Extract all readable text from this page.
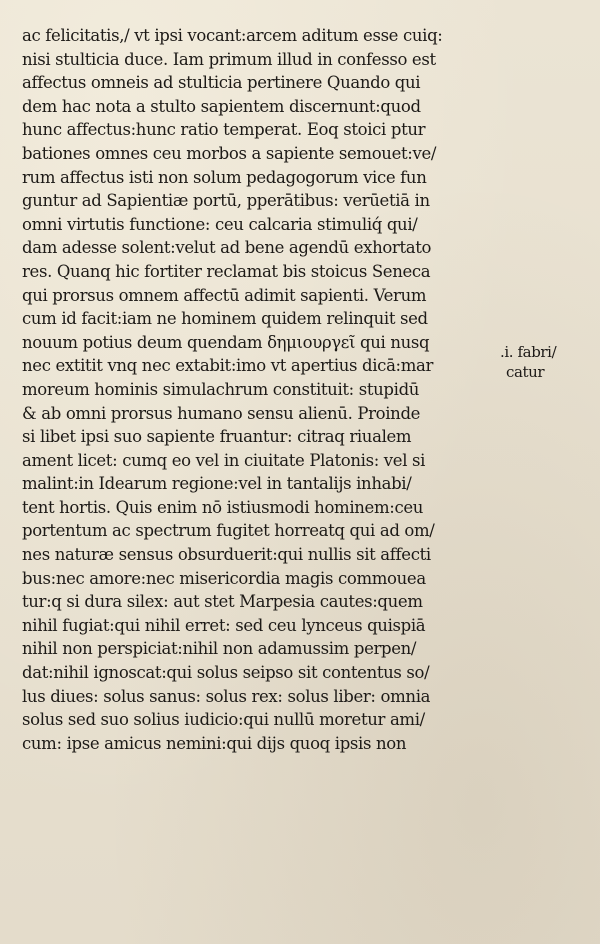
ac felicitatis,/ vt ipsi vocant:arcem aditum esse cuiq:
nisi stulticia duce. Iam primum illud in confesso est
affectus omneis ad stulticia pertinere Quando qui
dem hac nota a stulto sapientem discernunt:quod
hunc affectus:hunc ratio temperat. Eoq stoici ptur
bationes omnes ceu morbos a sapiente semouet:ve/
rum affectus isti non solum pedagogorum vice fun
guntur ad Sapientiæ portū, pperātibus: verūetiā in
omni virtutis functione: ceu calcaria stimuliq́ qui/
dam adesse solent:velut ad bene agendū exhortato
res. Quanq hic fortiter reclamat bis stoicus Seneca
qui prorsus omnem affectū adimit sapienti. Verum
cum id facit:iam ne hominem quidem relinquit sed
nouum potius deum quendam δημιουργεῖ qui nusq
nec extitit vnq nec extabit:imo vt apertius dicā:mar
moreum hominis simulachrum constituit: stupidū
& ab omni prorsus humano sensu alienū. Proinde
si libet ipsi suo sapiente fruantur: citraq riualem
ament licet: cumq eo vel in ciuitate Platonis: vel si
malint:in Idearum regione:vel in tantalijs inhabi/
tent hortis. Quis enim nō istiusmodi hominem:ceu
portentum ac spectrum fugitet horreatq qui ad om/
nes naturæ sensus obsurduerit:qui nullis sit affecti
bus:nec amore:nec misericordia magis commouea
tur:q si dura silex: aut stet Marpesia cautes:quem
nihil fugiat:qui nihil erret: sed ceu lynceus quispiā
nihil non perspiciat:nihil non adamussim perpen/
dat:nihil ignoscat:qui solus seipso sit contentus so/
lus diues: solus sanus: solus rex: solus liber: omnia
solus sed suo solius iudicio:qui nullū moretur ami/
cum: ipse amicus nemini:qui dijs quoq ipsis non
.i. fabri/
catur
